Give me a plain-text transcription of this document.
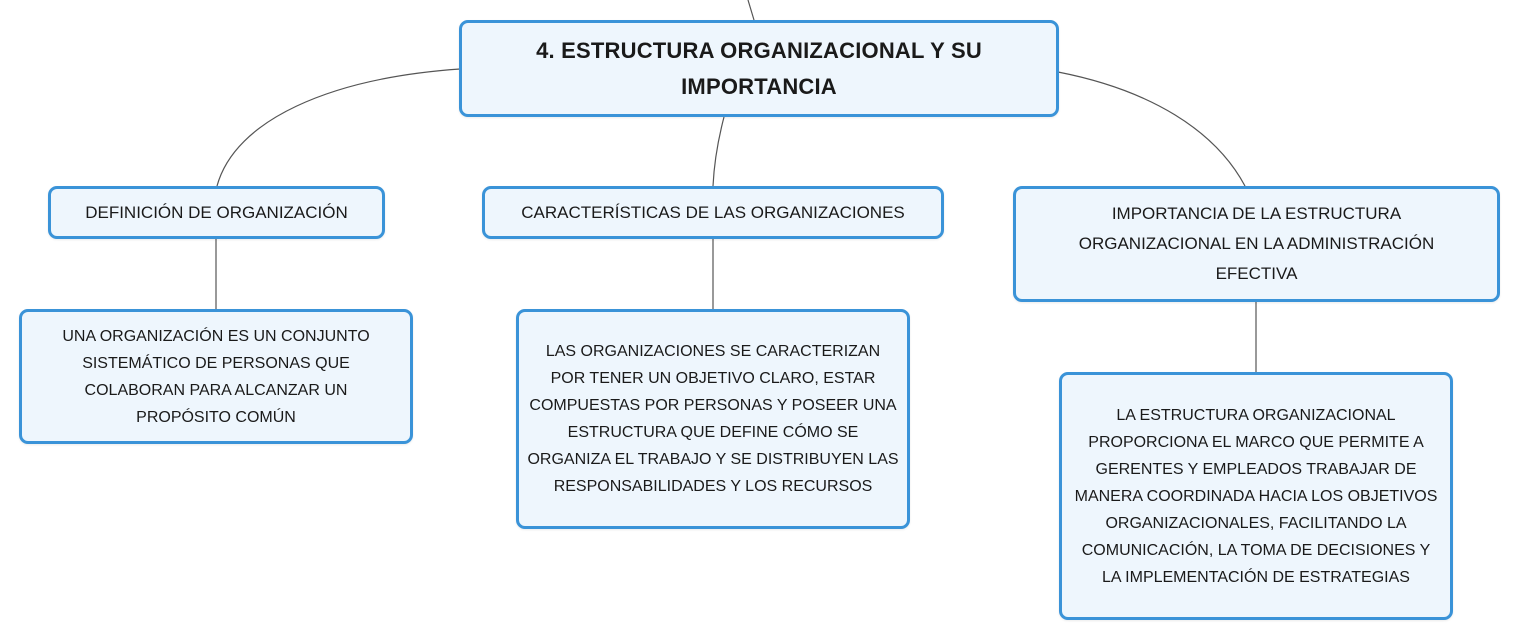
4. ESTRUCTURA ORGANIZACIONAL Y SU IMPORTANCIA
DEFINICIÓN DE ORGANIZACIÓN	CARACTERÍSTICAS DE LAS ORGANIZACIONES	IMPORTANCIA DE LA ESTRUCTURA ORGANIZACIONAL EN LA ADMINISTRACIÓN EFECTIVA
UNA ORGANIZACIÓN ES UN CONJUNTO SISTEMÁTICO DE PERSONAS QUE COLABORAN PARA ALCANZAR UN PROPÓSITO COMÚN
LAS ORGANIZACIONES SE CARACTERIZAN POR TENER UN OBJETIVO CLARO, ESTAR COMPUESTAS POR PERSONAS Y POSEER UNA ESTRUCTURA QUE DEFINE CÓMO SE ORGANIZA EL TRABAJO Y SE DISTRIBUYEN LAS RESPONSABILIDADES Y LOS RECURSOS
LA ESTRUCTURA ORGANIZACIONAL PROPORCIONA EL MARCO QUE PERMITE A GERENTES Y EMPLEADOS TRABAJAR DE MANERA COORDINADA HACIA LOS OBJETIVOS ORGANIZACIONALES, FACILITANDO LA COMUNICACIÓN, LA TOMA DE DECISIONES Y LA IMPLEMENTACIÓN DE ESTRATEGIAS
